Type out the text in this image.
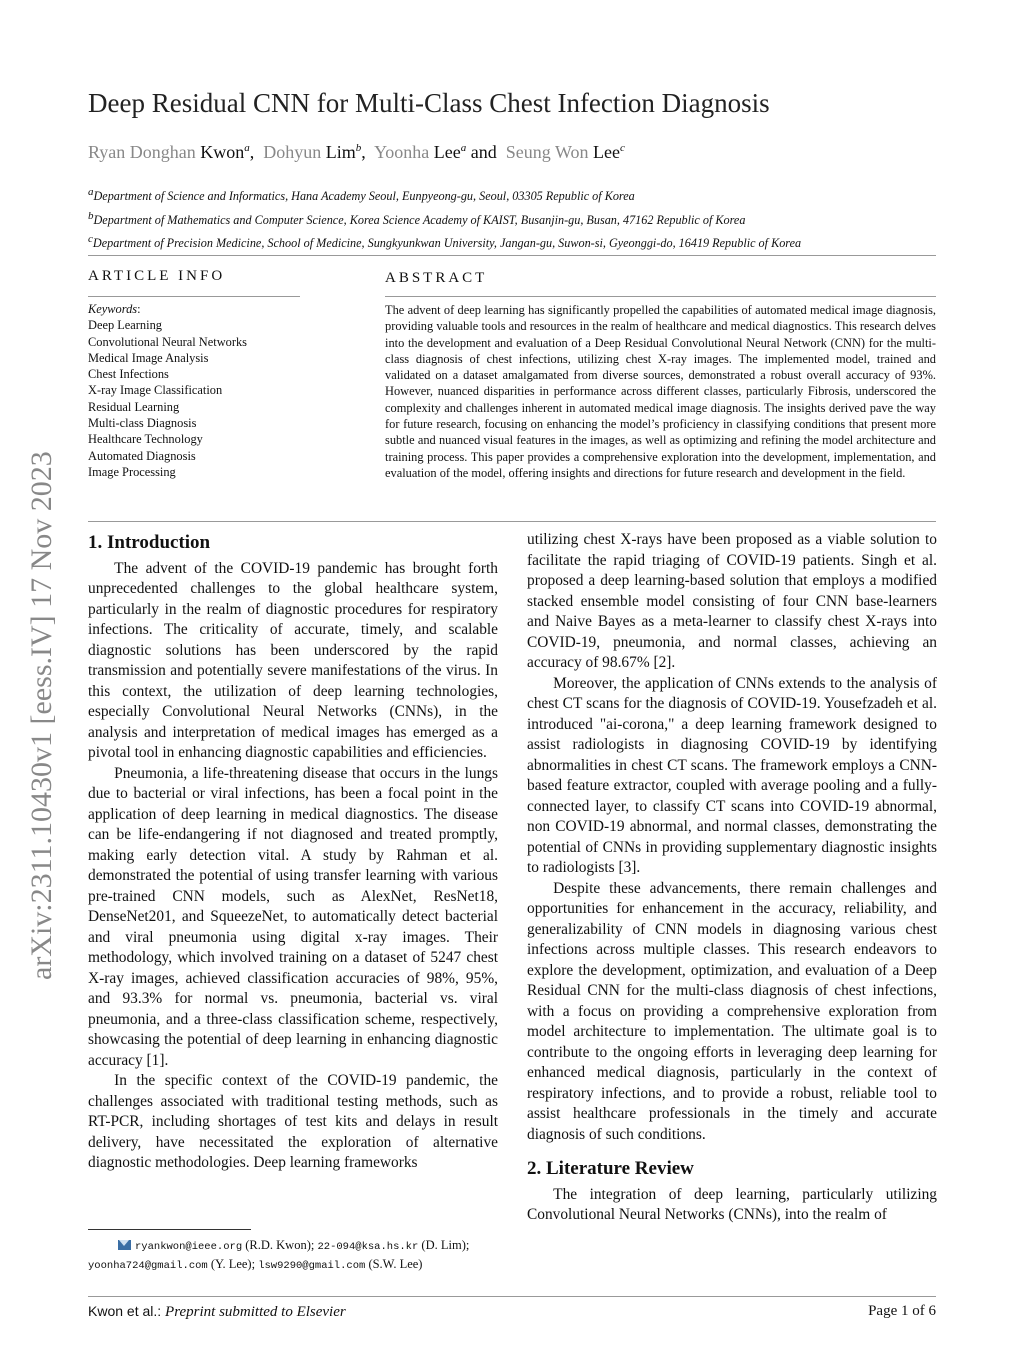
arXiv:2311.10430v1 [eess.IV] 17 Nov 2023
Deep Residual CNN for Multi-Class Chest Infection Diagnosis
Ryan Donghan Kwon$^a$,  Dohyun Lim$^b$,  Yoonha Lee$^a$ and Seung Won Lee$^c$
$^a$Department of Science and Informatics, Hana Academy Seoul, Eunpyeong-gu, Seoul, 03305 Republic of Korea
$^b$Department of Mathematics and Computer Science, Korea Science Academy of KAIST, Busanjin-gu, Busan, 47162 Republic of Korea
$^c$Department of Precision Medicine, School of Medicine, Sungkyunkwan University, Jangan-gu, Suwon-si, Gyeonggi-do, 16419 Republic of Korea
ARTICLE INFO
Keywords:
Deep Learning
Convolutional Neural Networks
Medical Image Analysis
Chest Infections
X-ray Image Classification
Residual Learning
Multi-class Diagnosis
Healthcare Technology
Automated Diagnosis
Image Processing
ABSTRACT
The advent of deep learning has significantly propelled the capabilities of automated medical image diagnosis, providing valuable tools and resources in the realm of healthcare and medical diagnostics. This research delves into the development and evaluation of a Deep Residual Convolutional Neural Network (CNN) for the multi-class diagnosis of chest infections, utilizing chest X-ray images. The implemented model, trained and validated on a dataset amalgamated from diverse sources, demonstrated a robust overall accuracy of 93%. However, nuanced disparities in performance across different classes, particularly Fibrosis, underscored the complexity and challenges inherent in automated medical image diagnosis. The insights derived pave the way for future research, focusing on enhancing the model’s proficiency in classifying conditions that present more subtle and nuanced visual features in the images, as well as optimizing and refining the model architecture and training process. This paper provides a comprehensive exploration into the development, implementation, and evaluation of the model, offering insights and directions for future research and development in the field.
1. Introduction

The advent of the COVID-19 pandemic has brought forth unprecedented challenges to the global healthcare system, particularly in the realm of diagnostic procedures for respiratory infections. The criticality of accurate, timely, and scalable diagnostic solutions has been underscored by the rapid transmission and potentially severe manifestations of the virus. In this context, the utilization of deep learning technologies, especially Convolutional Neural Networks (CNNs), in the analysis and interpretation of medical images has emerged as a pivotal tool in enhancing diagnostic capabilities and efficiencies.

Pneumonia, a life-threatening disease that occurs in the lungs due to bacterial or viral infections, has been a focal point in the application of deep learning in medical diagnostics. The disease can be life-endangering if not diagnosed and treated promptly, making early detection vital. A study by Rahman et al. demonstrated the potential of using transfer learning with various pre-trained CNN models, such as AlexNet, ResNet18, DenseNet201, and SqueezeNet, to automatically detect bacterial and viral pneumonia using digital x-ray images. Their methodology, which involved training on a dataset of 5247 chest X-ray images, achieved classification accuracies of 98%, 95%, and 93.3% for normal vs. pneumonia, bacterial vs. viral pneumonia, and a three-class classification scheme, respectively, showcasing the potential of deep learning in enhancing diagnostic accuracy [1].

In the specific context of the COVID-19 pandemic, the challenges associated with traditional testing methods, such as RT-PCR, including shortages of test kits and delays in result delivery, have necessitated the exploration of alternative diagnostic methodologies. Deep learning frameworks

utilizing chest X-rays have been proposed as a viable solution to facilitate the rapid triaging of COVID-19 patients. Singh et al. proposed a deep learning-based solution that employs a modified stacked ensemble model consisting of four CNN base-learners and Naive Bayes as a meta-learner to classify chest X-rays into COVID-19, pneumonia, and normal classes, achieving an accuracy of 98.67% [2].

Moreover, the application of CNNs extends to the analysis of chest CT scans for the diagnosis of COVID-19. Yousefzadeh et al. introduced "ai-corona," a deep learning framework designed to assist radiologists in diagnosing COVID-19 by identifying abnormalities in chest CT scans. The framework employs a CNN-based feature extractor, coupled with average pooling and a fully-connected layer, to classify CT scans into COVID-19 abnormal, non COVID-19 abnormal, and normal classes, demonstrating the potential of CNNs in providing supplementary diagnostic insights to radiologists [3].

Despite these advancements, there remain challenges and opportunities for enhancement in the accuracy, reliability, and generalizability of CNN models in diagnosing various chest infections across multiple classes. This research endeavors to explore the development, optimization, and evaluation of a Deep Residual CNN for the multi-class diagnosis of chest infections, with a focus on providing a comprehensive exploration from model architecture to implementation. The ultimate goal is to contribute to the ongoing efforts in leveraging deep learning for enhanced medical diagnosis, particularly in the context of respiratory infections, and to provide a robust, reliable tool to assist healthcare professionals in the timely and accurate diagnosis of such conditions.

2. Literature Review

The integration of deep learning, particularly utilizing Convolutional Neural Networks (CNNs), into the realm of

ryankwon@ieee.org (R.D. Kwon); 22-094@ksa.hs.kr (D. Lim);
yoonha724@gmail.com (Y. Lee); lsw9290@gmail.com (S.W. Lee)
Kwon et al.: Preprint submitted to Elsevier	Page 1 of 6
